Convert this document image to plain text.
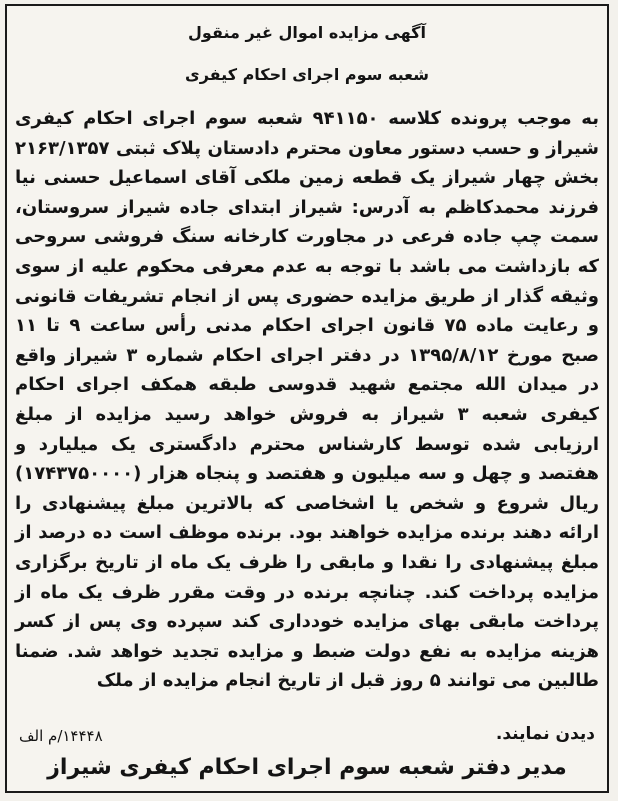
آگهی مزایده اموال غیر منقول
شعبه سوم اجرای احکام کیفری
به موجب پرونده کلاسه ۹۴۱۱۵۰ شعبه سوم اجرای احکام کیفری شیراز و حسب دستور معاون محترم دادستان پلاک ثبتی ۲۱۶۳/۱۳۵۷ بخش چهار شیراز یک قطعه زمین ملکی آقای اسماعیل حسنی نیا فرزند محمدکاظم به آدرس: شیراز ابتدای جاده شیراز سروستان، سمت چپ جاده فرعی در مجاورت کارخانه سنگ فروشی سروحی که بازداشت می باشد با توجه به عدم معرفی محکوم علیه از سوی وثیقه گذار از طریق مزایده حضوری پس از انجام تشریفات قانونی و رعایت ماده ۷۵ قانون اجرای احکام مدنی رأس ساعت ۹ تا ۱۱ صبح مورخ ۱۳۹۵/۸/۱۲ در دفتر اجرای احکام شماره ۳ شیراز واقع در میدان الله مجتمع شهید قدوسی طبقه همکف اجرای احکام کیفری شعبه ۳ شیراز به فروش خواهد رسید مزایده از مبلغ ارزیابی شده توسط کارشناس محترم دادگستری یک میلیارد و هفتصد و چهل و سه میلیون و هفتصد و پنجاه هزار (۱۷۴۳۷۵۰۰۰۰) ریال شروع و شخص یا اشخاصی که بالاترین مبلغ پیشنهادی را ارائه دهند برنده مزایده خواهند بود. برنده موظف است ده درصد از مبلغ پیشنهادی را نقدا و مابقی را ظرف یک ماه از تاریخ برگزاری مزایده پرداخت کند. چنانچه برنده در وقت مقرر ظرف یک ماه از پرداخت مابقی بهای مزایده خودداری کند سپرده وی پس از کسر هزینه مزایده به نفع دولت ضبط و مزایده تجدید خواهد شد. ضمنا طالبین می توانند ۵ روز قبل از تاریخ انجام مزایده از ملک
دیدن نمایند.
۱۴۴۴۸/م الف
مدیر دفتر شعبه سوم اجرای احکام کیفری شیراز
